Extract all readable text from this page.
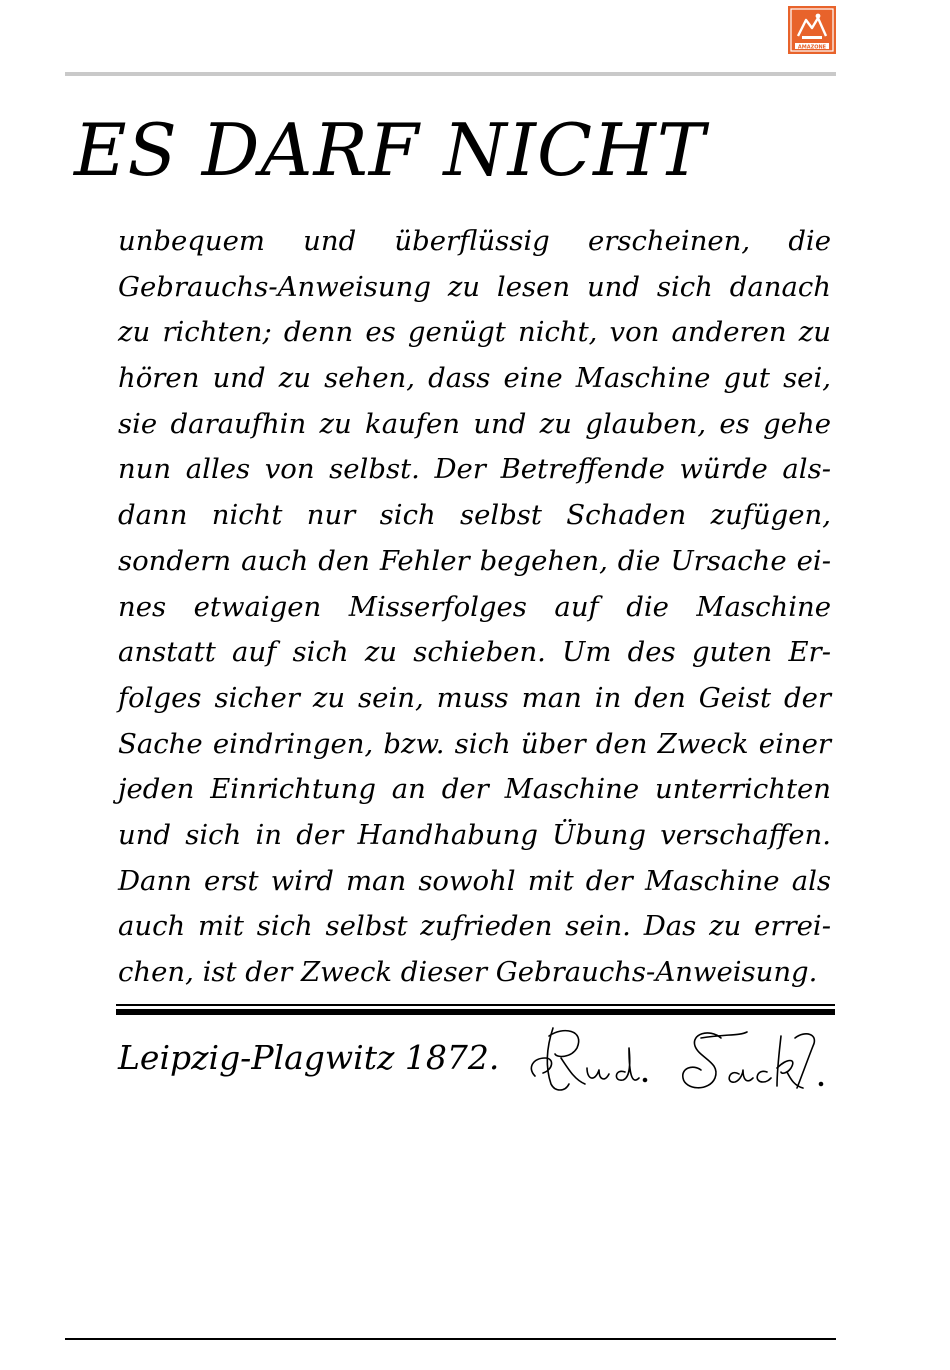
AMAZONE
ES DARF NICHT
unbequem und überflüssig erscheinen, die
Gebrauchs-Anweisung zu lesen und sich danach
zu richten; denn es genügt nicht, von anderen zu
hören und zu sehen, dass eine Maschine gut sei,
sie daraufhin zu kaufen und zu glauben, es gehe
nun alles von selbst. Der Betreffende würde als-
dann nicht nur sich selbst Schaden zufügen,
sondern auch den Fehler begehen, die Ursache ei-
nes etwaigen Misserfolges auf die Maschine
anstatt auf sich zu schieben. Um des guten Er-
folges sicher zu sein, muss man in den Geist der
Sache eindringen, bzw. sich über den Zweck einer
jeden Einrichtung an der Maschine unterrichten
und sich in der Handhabung Übung verschaffen.
Dann erst wird man sowohl mit der Maschine als
auch mit sich selbst zufrieden sein. Das zu errei-
chen, ist der Zweck dieser Gebrauchs-Anweisung.

Leipzig-Plagwitz 1872.
